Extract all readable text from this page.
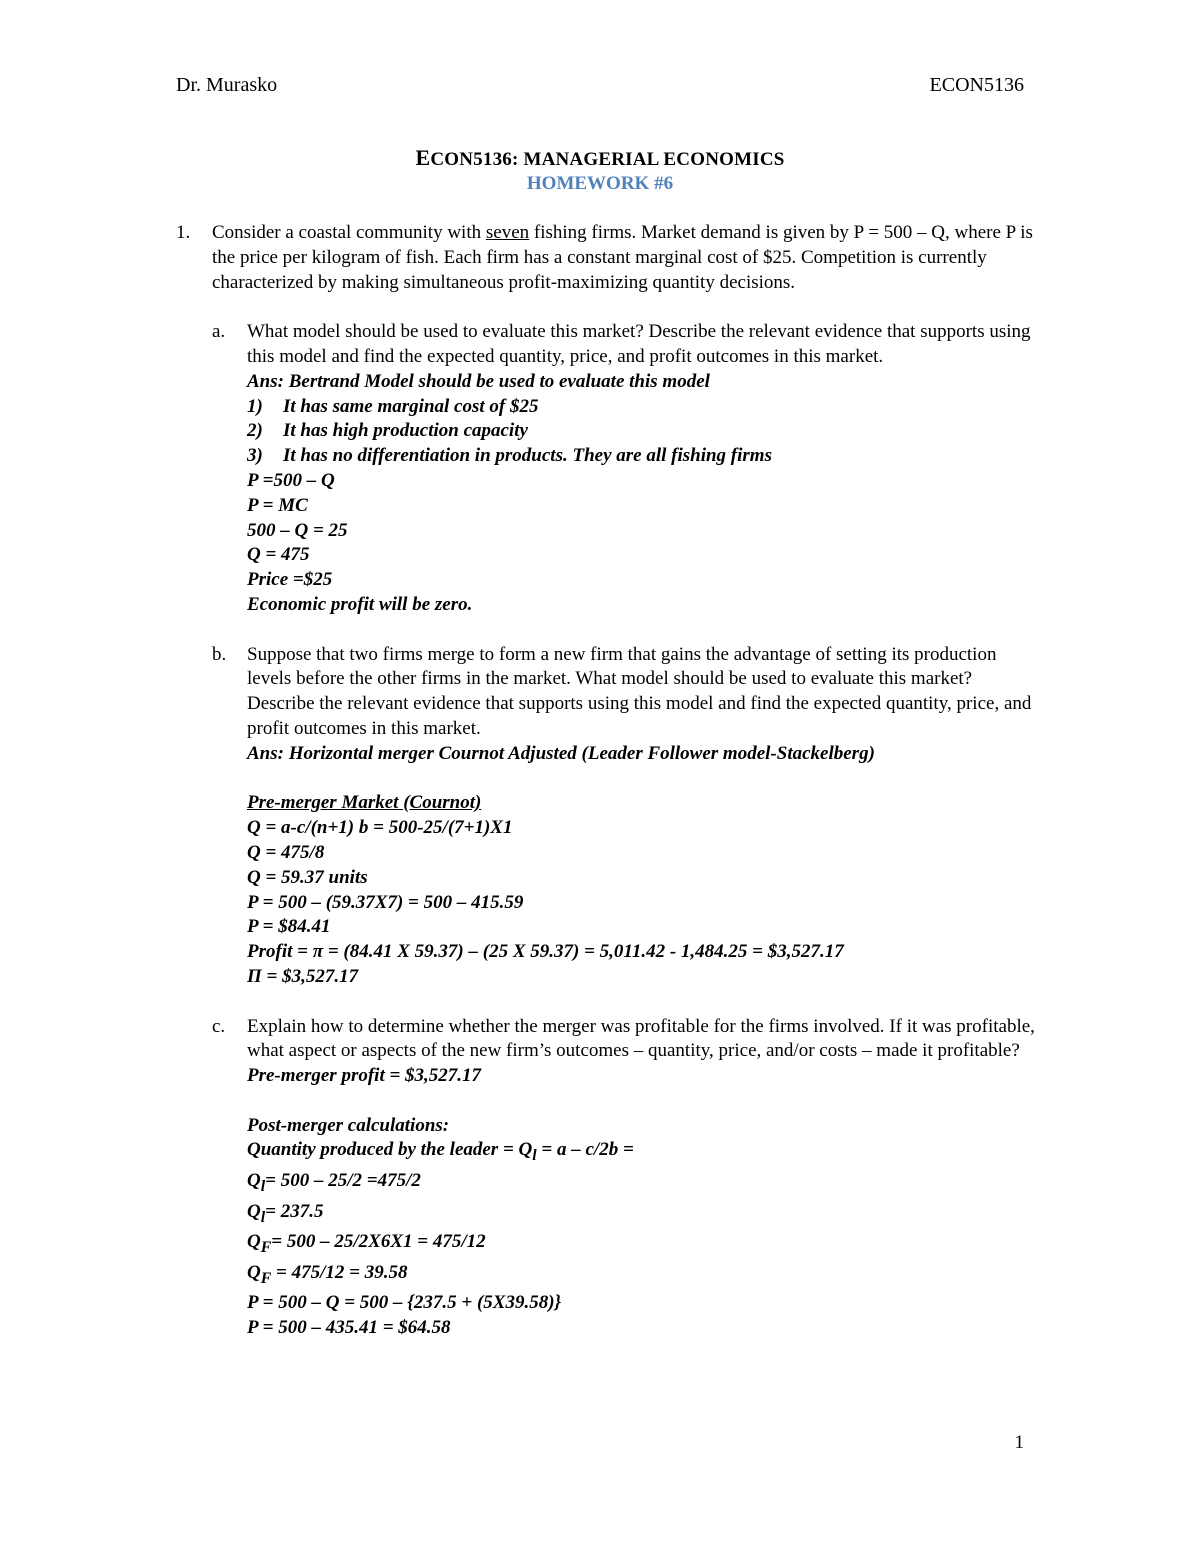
Dr. Murasko	ECON5136
ECON5136: MANAGERIAL ECONOMICS
HOMEWORK #6
1. Consider a coastal community with seven fishing firms. Market demand is given by P = 500 – Q, where P is the price per kilogram of fish. Each firm has a constant marginal cost of $25. Competition is currently characterized by making simultaneous profit-maximizing quantity decisions.
a. What model should be used to evaluate this market? Describe the relevant evidence that supports using this model and find the expected quantity, price, and profit outcomes in this market.
Ans: Bertrand Model should be used to evaluate this model
1) It has same marginal cost of $25
2) It has high production capacity
3) It has no differentiation in products. They are all fishing firms
P =500 – Q
P = MC
500 – Q = 25
Q = 475
Price =$25
Economic profit will be zero.
b. Suppose that two firms merge to form a new firm that gains the advantage of setting its production levels before the other firms in the market. What model should be used to evaluate this market? Describe the relevant evidence that supports using this model and find the expected quantity, price, and profit outcomes in this market.
Ans: Horizontal merger Cournot Adjusted (Leader Follower model-Stackelberg)
Pre-merger Market (Cournot)
Q = a-c/(n+1) b = 500-25/(7+1)X1
Q = 475/8
Q = 59.37 units
P = 500 – (59.37X7) = 500 – 415.59
P = $84.41
Profit = π = (84.41 X 59.37) – (25 X 59.37) = 5,011.42 - 1,484.25 = $3,527.17
Π = $3,527.17
c. Explain how to determine whether the merger was profitable for the firms involved. If it was profitable, what aspect or aspects of the new firm’s outcomes – quantity, price, and/or costs – made it profitable?
Pre-merger profit = $3,527.17
Post-merger calculations:
Quantity produced by the leader = $Q_l = a - c/2b$ =
$Q_l= 500 - 25/2 =475/2$
$Q_l= 237.5$
$Q_F= 500 - 25/2X6X1 = 475/12$
$Q_F = 475/12 = 39.58$
P = 500 – Q = 500 – {237.5 + (5X39.58)}
P = 500 – 435.41 = $64.58
1
